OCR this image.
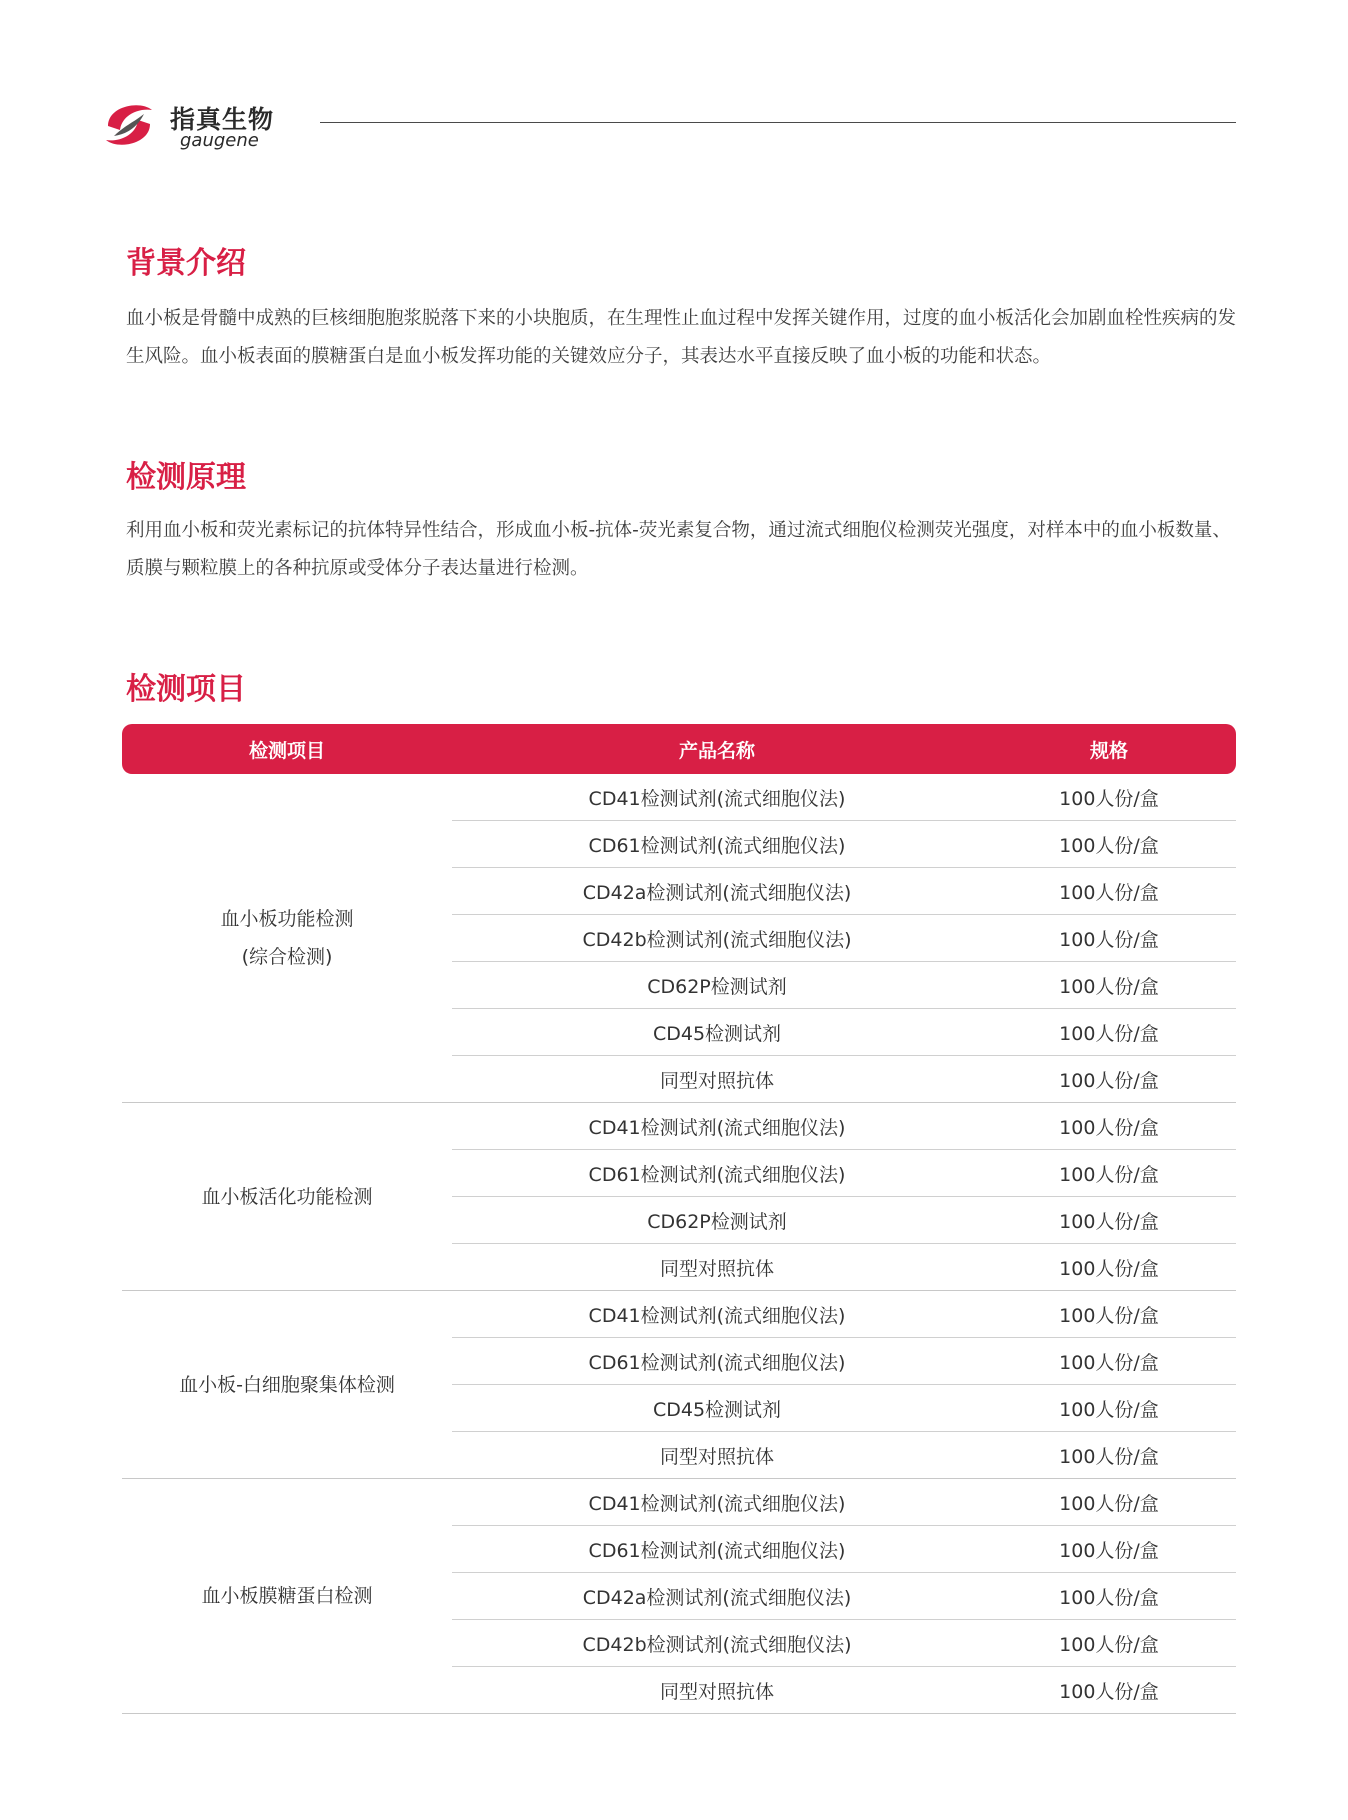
指真生物
gaugene
背景介绍
血小板是骨髓中成熟的巨核细胞胞浆脱落下来的小块胞质，在生理性止血过程中发挥关键作用，过度的血小板活化会加剧血栓性疾病的发生风险。血小板表面的膜糖蛋白是血小板发挥功能的关键效应分子，其表达水平直接反映了血小板的功能和状态。
检测原理
利用血小板和荧光素标记的抗体特异性结合，形成血小板-抗体-荧光素复合物，通过流式细胞仪检测荧光强度，对样本中的血小板数量、质膜与颗粒膜上的各种抗原或受体分子表达量进行检测。
检测项目
检测项目	产品名称	规格
血小板功能检测
(综合检测)
CD41检测试剂(流式细胞仪法)	100人份/盒
CD61检测试剂(流式细胞仪法)	100人份/盒
CD42a检测试剂(流式细胞仪法)	100人份/盒
CD42b检测试剂(流式细胞仪法)	100人份/盒
CD62P检测试剂	100人份/盒
CD45检测试剂	100人份/盒
同型对照抗体	100人份/盒
血小板活化功能检测
CD41检测试剂(流式细胞仪法)	100人份/盒
CD61检测试剂(流式细胞仪法)	100人份/盒
CD62P检测试剂	100人份/盒
同型对照抗体	100人份/盒
血小板-白细胞聚集体检测
CD41检测试剂(流式细胞仪法)	100人份/盒
CD61检测试剂(流式细胞仪法)	100人份/盒
CD45检测试剂	100人份/盒
同型对照抗体	100人份/盒
血小板膜糖蛋白检测
CD41检测试剂(流式细胞仪法)	100人份/盒
CD61检测试剂(流式细胞仪法)	100人份/盒
CD42a检测试剂(流式细胞仪法)	100人份/盒
CD42b检测试剂(流式细胞仪法)	100人份/盒
同型对照抗体	100人份/盒
